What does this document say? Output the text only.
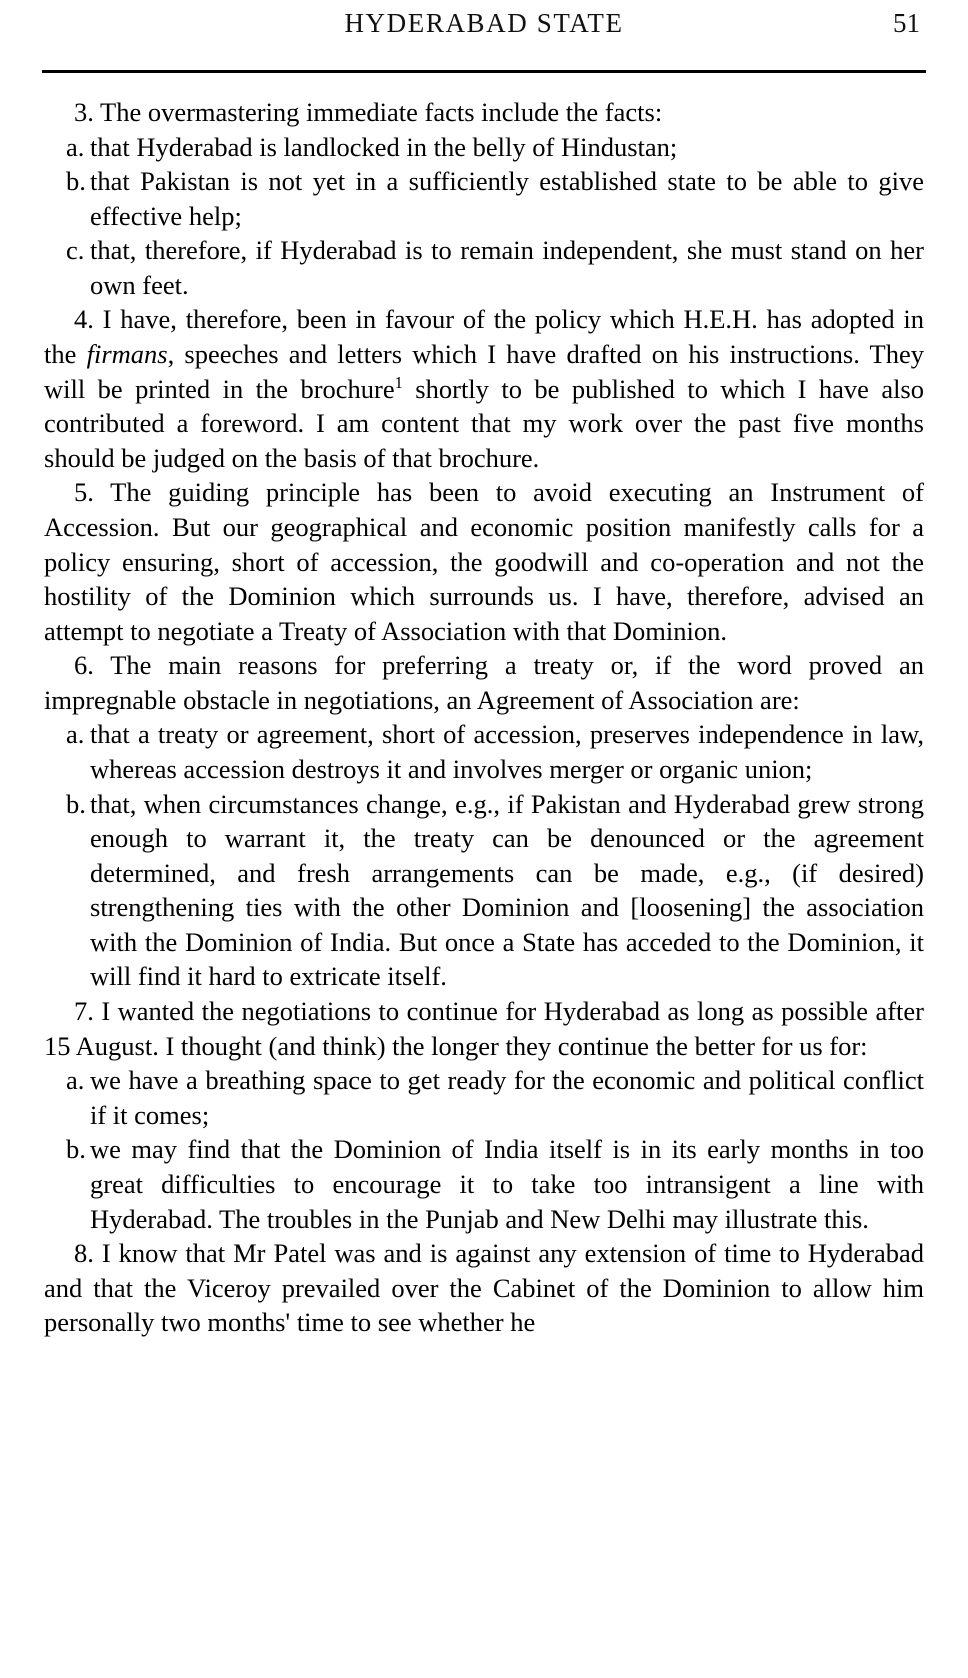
HYDERABAD STATE	51

3. The overmastering immediate facts include the facts:

a. that Hyderabad is landlocked in the belly of Hindustan;
b. that Pakistan is not yet in a sufficiently established state to be able to give effective help;
c. that, therefore, if Hyderabad is to remain independent, she must stand on her own feet.

4. I have, therefore, been in favour of the policy which H.E.H. has adopted in the firmans, speeches and letters which I have drafted on his instructions. They will be printed in the brochure$^1$ shortly to be published to which I have also contributed a foreword. I am content that my work over the past five months should be judged on the basis of that brochure.

5. The guiding principle has been to avoid executing an Instrument of Accession. But our geographical and economic position manifestly calls for a policy ensuring, short of accession, the goodwill and co-operation and not the hostility of the Dominion which surrounds us. I have, therefore, advised an attempt to negotiate a Treaty of Association with that Dominion.

6. The main reasons for preferring a treaty or, if the word proved an impregnable obstacle in negotiations, an Agreement of Association are:

a. that a treaty or agreement, short of accession, preserves independence in law, whereas accession destroys it and involves merger or organic union;
b. that, when circumstances change, e.g., if Pakistan and Hyderabad grew strong enough to warrant it, the treaty can be denounced or the agreement determined, and fresh arrangements can be made, e.g., (if desired) strengthening ties with the other Dominion and [loosening] the association with the Dominion of India. But once a State has acceded to the Dominion, it will find it hard to extricate itself.

7. I wanted the negotiations to continue for Hyderabad as long as possible after 15 August. I thought (and think) the longer they continue the better for us for:

a. we have a breathing space to get ready for the economic and political conflict if it comes;
b. we may find that the Dominion of India itself is in its early months in too great difficulties to encourage it to take too intransigent a line with Hyderabad. The troubles in the Punjab and New Delhi may illustrate this.

8. I know that Mr Patel was and is against any extension of time to Hyderabad and that the Viceroy prevailed over the Cabinet of the Dominion to allow him personally two months' time to see whether he
